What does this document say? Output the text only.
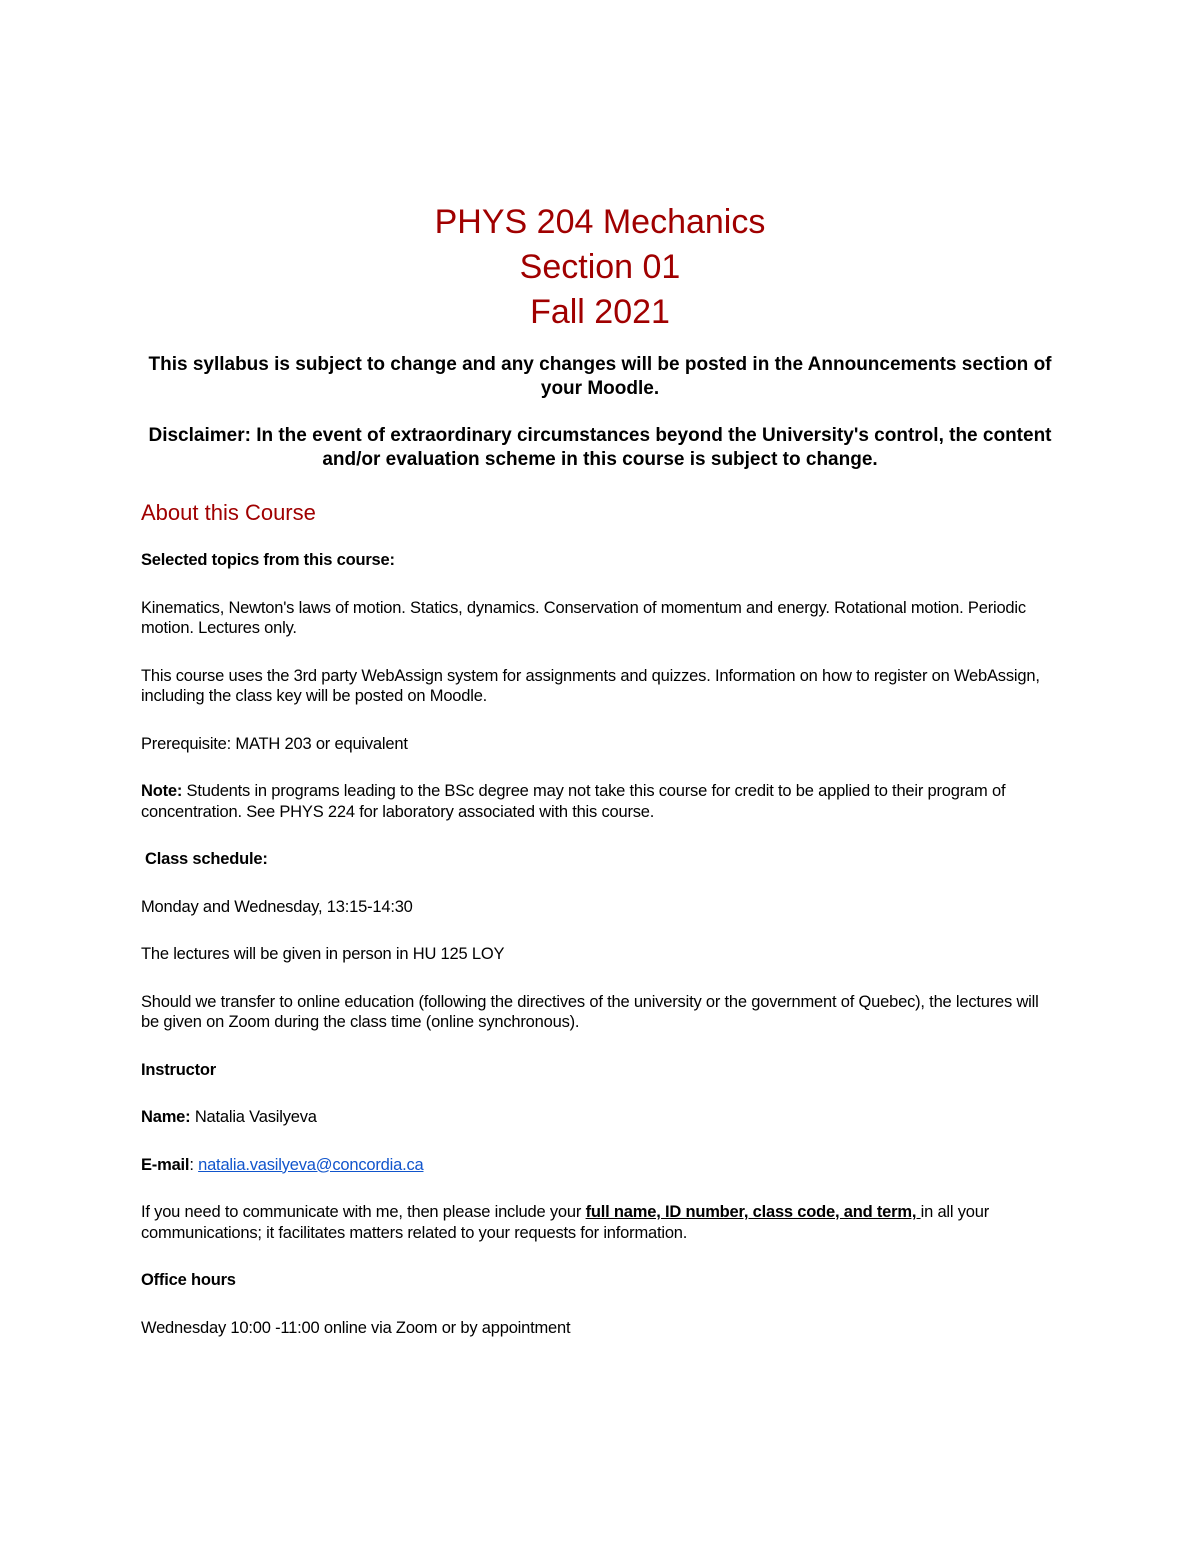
PHYS 204 Mechanics
Section 01
Fall 2021

This syllabus is subject to change and any changes will be posted in the Announcements section of your Moodle.

Disclaimer: In the event of extraordinary circumstances beyond the University's control, the content and/or evaluation scheme in this course is subject to change.

About this Course

Selected topics from this course:

Kinematics, Newton's laws of motion. Statics, dynamics. Conservation of momentum and energy. Rotational motion. Periodic motion. Lectures only.

This course uses the 3rd party WebAssign system for assignments and quizzes. Information on how to register on WebAssign, including the class key will be posted on Moodle.

Prerequisite: MATH 203 or equivalent

Note: Students in programs leading to the BSc degree may not take this course for credit to be applied to their program of concentration. See PHYS 224 for laboratory associated with this course.

Class schedule:

Monday and Wednesday, 13:15-14:30

The lectures will be given in person in HU 125 LOY

Should we transfer to online education (following the directives of the university or the government of Quebec), the lectures will be given on Zoom during the class time (online synchronous).

Instructor

Name: Natalia Vasilyeva

E-mail: natalia.vasilyeva@concordia.ca

If you need to communicate with me, then please include your full name, ID number, class code, and term, in all your communications; it facilitates matters related to your requests for information.

Office hours

Wednesday 10:00 -11:00 online via Zoom or by appointment
